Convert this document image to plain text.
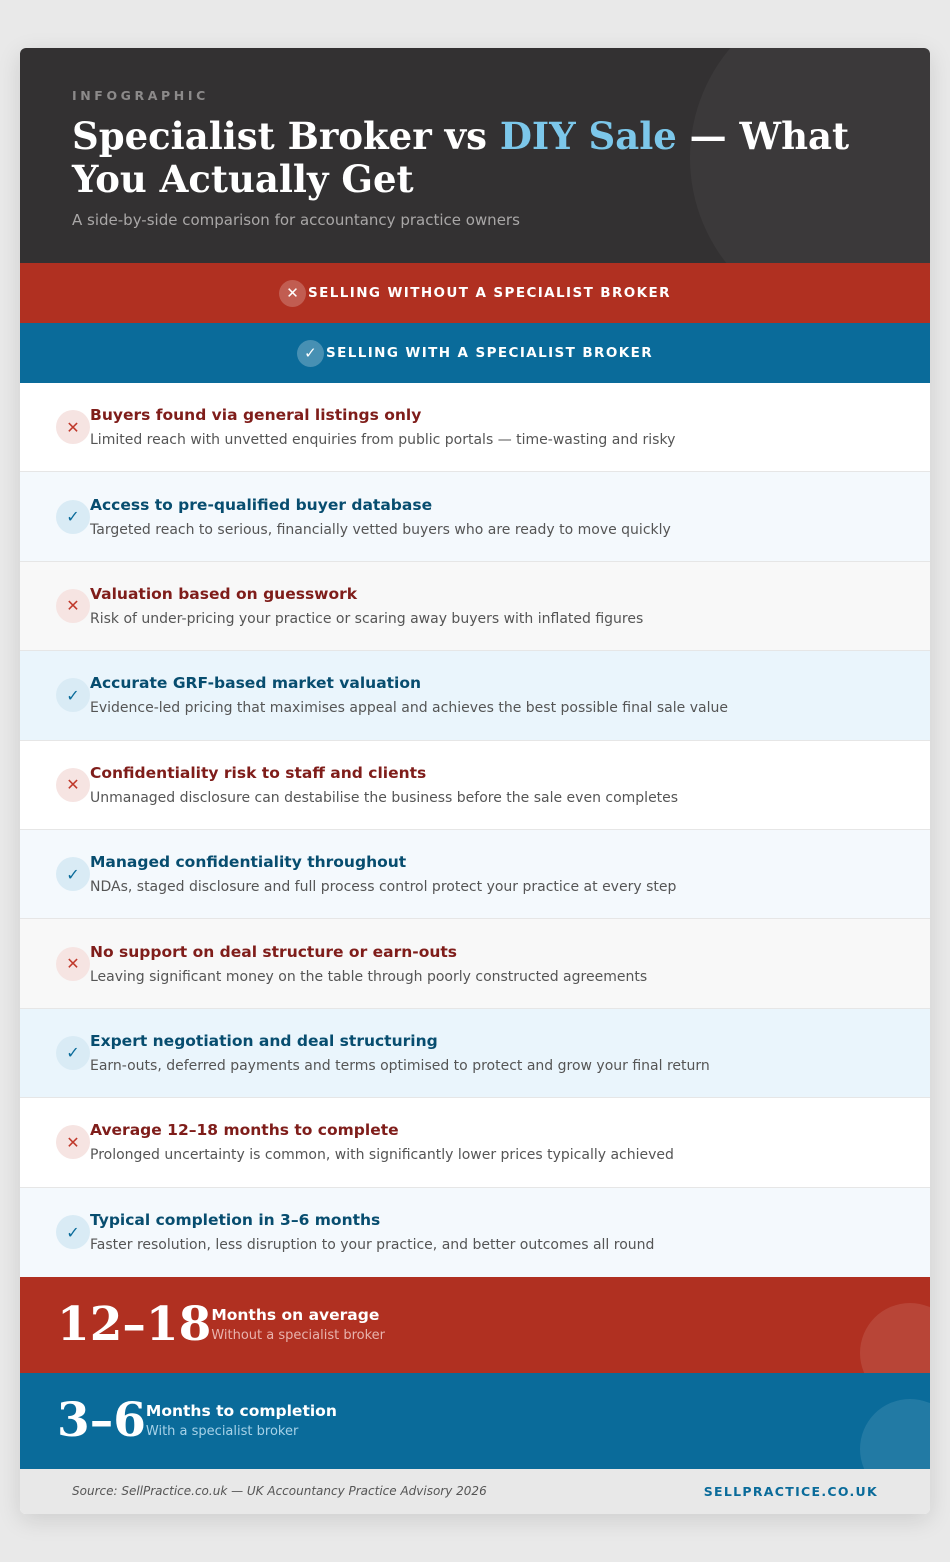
INFOGRAPHIC
Specialist Broker vs DIY Sale — What You Actually Get
A side-by-side comparison for accountancy practice owners
✕ SELLING WITHOUT A SPECIALIST BROKER
✓ SELLING WITH A SPECIALIST BROKER
✕
Buyers found via general listings only
Limited reach with unvetted enquiries from public portals — time-wasting and risky
✓
Access to pre-qualified buyer database
Targeted reach to serious, financially vetted buyers who are ready to move quickly
✕
Valuation based on guesswork
Risk of under-pricing your practice or scaring away buyers with inflated figures
✓
Accurate GRF-based market valuation
Evidence-led pricing that maximises appeal and achieves the best possible final sale value
✕
Confidentiality risk to staff and clients
Unmanaged disclosure can destabilise the business before the sale even completes
✓
Managed confidentiality throughout
NDAs, staged disclosure and full process control protect your practice at every step
✕
No support on deal structure or earn-outs
Leaving significant money on the table through poorly constructed agreements
✓
Expert negotiation and deal structuring
Earn-outs, deferred payments and terms optimised to protect and grow your final return
✕
Average 12–18 months to complete
Prolonged uncertainty is common, with significantly lower prices typically achieved
✓
Typical completion in 3–6 months
Faster resolution, less disruption to your practice, and better outcomes all round
12–18 Months on average
Without a specialist broker
3–6 Months to completion
With a specialist broker
Source: SellPractice.co.uk — UK Accountancy Practice Advisory 2026	SELLPRACTICE.CO.UK
